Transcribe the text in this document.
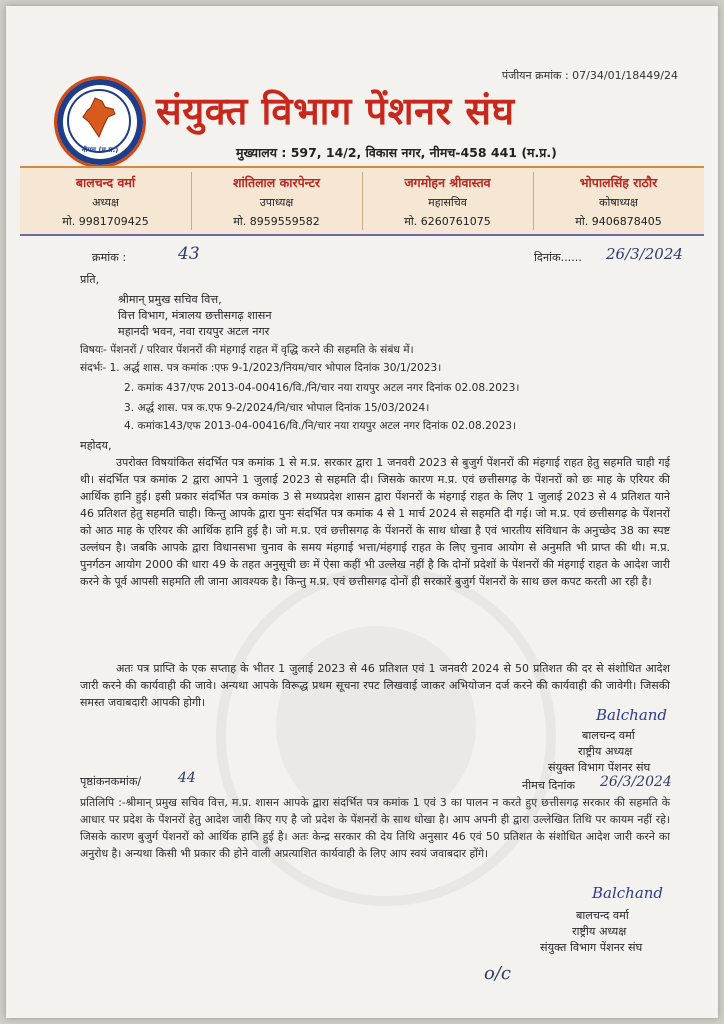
पंजीयन क्रमांक : 07/34/01/18449/24
नीमच (म.प्र.)
संयुक्त विभाग पेंशनर संघ
मुख्यालय : 597, 14/2, विकास नगर, नीमच-458 441 (म.प्र.)
बालचन्द वर्मा
अध्यक्ष
मो. 9981709425
शांतिलाल कारपेन्टर
उपाध्यक्ष
मो. 8959559582
जगमोहन श्रीवास्तव
महासचिव
मो. 6260761075
भोपालसिंह राठौर
कोषाध्यक्ष
मो. 9406878405
क्रमांक :	43	दिनांक...... 26/3/2024
प्रति,
श्रीमान् प्रमुख सचिव वित्त,
वित्त विभाग, मंत्रालय छत्तीसगढ़ शासन
महानदी भवन, नवा रायपुर अटल नगर
विषयः- पेंशनरों / परिवार पेंशनरों की मंहगाई राहत में वृद्धि करने की सहमति के संबंध में।
संदर्भः- 1. अर्द्ध शास. पत्र कमांक :एफ 9-1/2023/नियम/चार भोपाल दिनांक 30/1/2023।
2. कमांक 437/एफ 2013-04-00416/वि./नि/चार नया रायपुर अटल नगर दिनांक 02.08.2023।
3. अर्द्ध शास. पत्र क.एफ 9-2/2024/नि/चार भोपाल दिनांक 15/03/2024।
4. कमांक143/एफ 2013-04-00416/वि./नि/चार नया रायपुर अटल नगर दिनांक 02.08.2023।
महोदय,
उपरोक्त विषयांकित संदर्भित पत्र कमांक 1 से म.प्र. सरकार द्वारा 1 जनवरी 2023 से बुजुर्ग पेंशनरों की मंहगाई राहत हेतु सहमति चाही गई थी। संदर्भित पत्र कमांक 2 द्वारा आपने 1 जुलाई 2023 से सहमति दी। जिसके कारण म.प्र. एवं छत्तीसगढ़ के पेंशनरों को छः माह के एरियर की आर्थिक हानि हुई। इसी प्रकार संदर्भित पत्र कमांक 3 से मध्यप्रदेश शासन द्वारा पेंशनरों के मंहगाई राहत के लिए 1 जुलाई 2023 से 4 प्रतिशत याने 46 प्रतिशत हेतु सहमति चाही। किन्तु आपके द्वारा पुनः संदर्भित पत्र कमांक 4 से 1 मार्च 2024 से सहमति दी गई। जो म.प्र. एवं छत्तीसगढ़ के पेंशनरों को आठ माह के एरियर की आर्थिक हानि हुई है। जो म.प्र. एवं छत्तीसगढ़ के पेंशनरों के साथ धोखा है एवं भारतीय संविधान के अनुच्छेद 38 का स्पष्ट उल्लंघन है। जबकि आपके द्वारा विधानसभा चुनाव के समय मंहगाई भत्ता/मंहगाई राहत के लिए चुनाव आयोग से अनुमति भी प्राप्त की थी। म.प्र. पुनर्गठन आयोग 2000 की धारा 49 के तहत अनुसूची छः में ऐसा कहीं भी उल्लेख नहीं है कि दोनों प्रदेशों के पेंशनरों की मंहगाई राहत के आदेश जारी करने के पूर्व आपसी सहमति ली जाना आवश्यक है। किन्तु म.प्र. एवं छत्तीसगढ़ दोनों ही सरकारें बुजुर्ग पेंशनरों के साथ छल कपट करती आ रही है।
अतः पत्र प्राप्ति के एक सप्ताह के भीतर 1 जुलाई 2023 से 46 प्रतिशत एवं 1 जनवरी 2024 से 50 प्रतिशत की दर से संशोधित आदेश जारी करने की कार्यवाही की जावे। अन्यथा आपके विरूद्ध प्रथम सूचना रपट लिखवाई जाकर अभियोजन दर्ज करने की कार्यवाही की जावेगी। जिसकी समस्त जवाबदारी आपकी होगी।
Balchand
बालचन्द वर्मा
राष्ट्रीय अध्यक्ष
संयुक्त विभाग पेंशनर संघ
पृष्ठांकनकमांक/	44	नीमच दिनांक 26/3/2024
प्रतिलिपि :-श्रीमान् प्रमुख सचिव वित्त, म.प्र. शासन आपके द्वारा संदर्भित पत्र कमांक 1 एवं 3 का पालन न करते हुए छत्तीसगढ़ सरकार की सहमति के आधार पर प्रदेश के पेंशनरों हेतु आदेश जारी किए गए है जो प्रदेश के पेंशनरों के साथ धोखा है। आप अपनी ही द्वारा उल्लेखित तिथि पर कायम नहीं रहे। जिसके कारण बुजुर्ग पेंशनरों को आर्थिक हानि हुई है। अतः केन्द्र सरकार की देय तिथि अनुसार 46 एवं 50 प्रतिशत के संशोधित आदेश जारी करने का अनुरोध है। अन्यथा किसी भी प्रकार की होने वाली अप्रत्याशित कार्यवाही के लिए आप स्वयं जवाबदार होंगे।
Balchand
बालचन्द वर्मा
राष्ट्रीय अध्यक्ष
संयुक्त विभाग पेंशनर संघ
o/c
